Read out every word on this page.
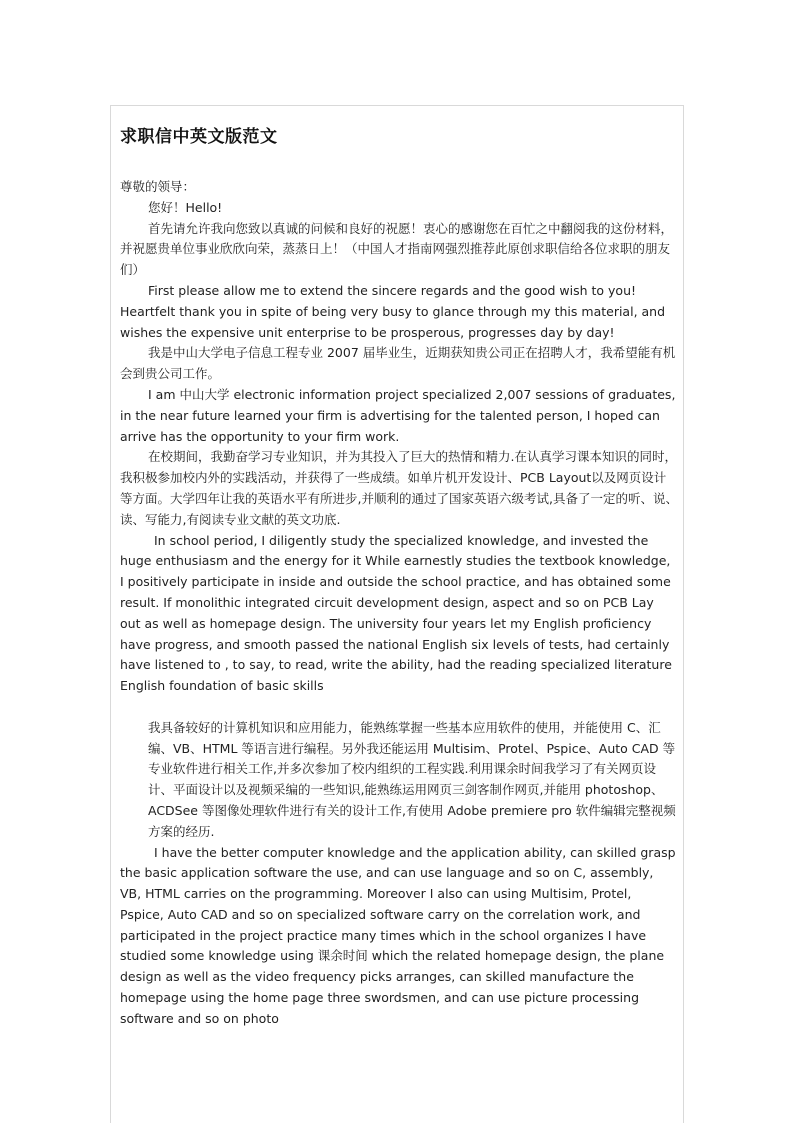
求职信中英文版范文

尊敬的领导：

您好！Hello!

首先请允许我向您致以真诚的问候和良好的祝愿！衷心的感谢您在百忙之中翻阅我的这份材料，并祝愿贵单位事业欣欣向荣，蒸蒸日上！（中国人才指南网强烈推荐此原创求职信给各位求职的朋友们）

First please allow me to extend the sincere regards and the good wish to you! Heartfelt thank you in spite of being very busy to glance through my this material, and wishes the expensive unit enterprise to be prosperous, progresses day by day!

我是中山大学电子信息工程专业 2007 届毕业生，近期获知贵公司正在招聘人才，我希望能有机会到贵公司工作。

I am 中山大学 electronic information project specialized 2,007 sessions of graduates, in the near future learned your firm is advertising for the talented person, I hoped can arrive has the opportunity to your firm work.

在校期间，我勤奋学习专业知识，并为其投入了巨大的热情和精力.在认真学习课本知识的同时，我积极参加校内外的实践活动，并获得了一些成绩。如单片机开发设计、PCB Layout以及网页设计等方面。大学四年让我的英语水平有所进步,并顺利的通过了国家英语六级考试,具备了一定的听、说、读、写能力,有阅读专业文献的英文功底.

In school period, I diligently study the specialized knowledge, and invested the huge enthusiasm and the energy for it While earnestly studies the textbook knowledge, I positively participate in inside and outside the school practice, and has obtained some result. If monolithic integrated circuit development design, aspect and so on PCB Lay out as well as homepage design. The university four years let my English proficiency have progress, and smooth passed the national English six levels of tests, had certainly have listened to , to say, to read, write the ability, had the reading specialized literature English foundation of basic skills

我具备较好的计算机知识和应用能力，能熟练掌握一些基本应用软件的使用，并能使用 C、汇编、VB、HTML 等语言进行编程。另外我还能运用 Multisim、Protel、Pspice、Auto CAD 等专业软件进行相关工作,并多次参加了校内组织的工程实践.利用课余时间我学习了有关网页设计、平面设计以及视频采编的一些知识,能熟练运用网页三剑客制作网页,并能用 photoshop、ACDSee 等图像处理软件进行有关的设计工作,有使用 Adobe premiere pro 软件编辑完整视频方案的经历.

I have the better computer knowledge and the application ability, can skilled grasp the basic application software the use, and can use language and so on C, assembly, VB, HTML carries on the programming. Moreover I also can using Multisim, Protel, Pspice, Auto CAD and so on specialized software carry on the correlation work, and participated in the project practice many times which in the school organizes I have studied some knowledge using 课余时间 which the related homepage design, the plane design as well as the video frequency picks arranges, can skilled manufacture the homepage using the home page three swordsmen, and can use picture processing software and so on photo
